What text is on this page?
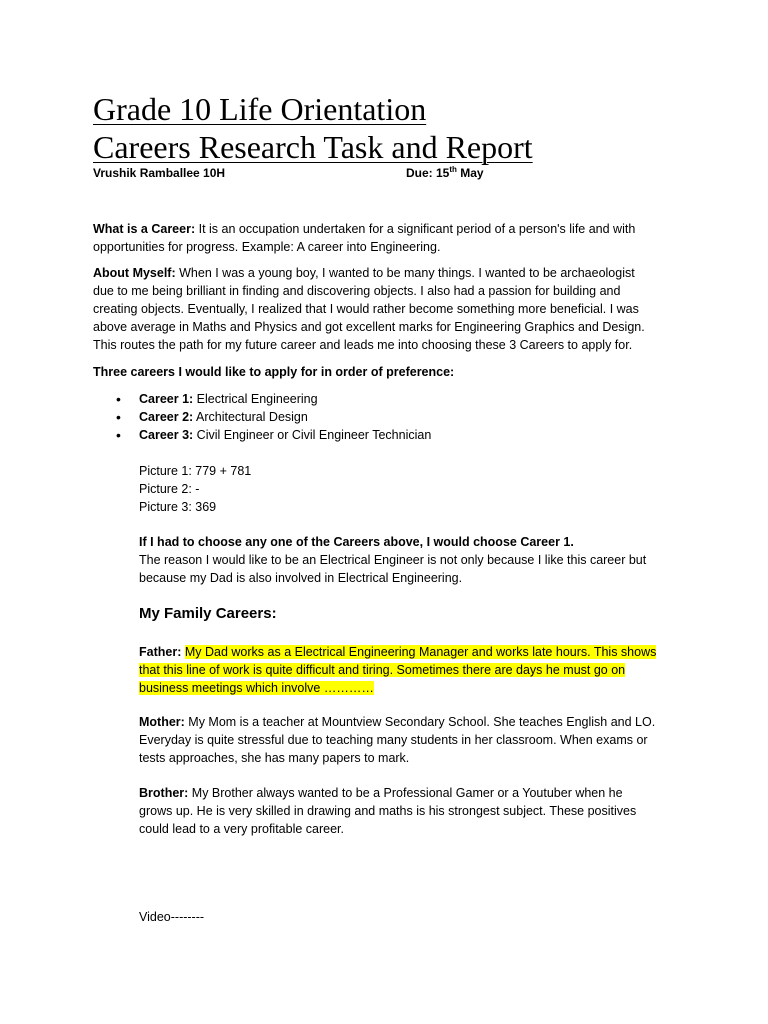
Grade 10 Life Orientation
Careers Research Task and Report
Vrushik Ramballee 10H	Due: 15th May
What is a Career: It is an occupation undertaken for a significant period of a person's life and with
opportunities for progress. Example: A career into Engineering.
About Myself: When I was a young boy, I wanted to be many things. I wanted to be archaeologist
due to me being brilliant in finding and discovering objects. I also had a passion for building and
creating objects. Eventually, I realized that I would rather become something more beneficial. I was
above average in Maths and Physics and got excellent marks for Engineering Graphics and Design.
This routes the path for my future career and leads me into choosing these 3 Careers to apply for.
Three careers I would like to apply for in order of preference:
• Career 1: Electrical Engineering
• Career 2: Architectural Design
• Career 3: Civil Engineer or Civil Engineer Technician
Picture 1: 779 + 781
Picture 2: -
Picture 3: 369
If I had to choose any one of the Careers above, I would choose Career 1.
The reason I would like to be an Electrical Engineer is not only because I like this career but
because my Dad is also involved in Electrical Engineering.
My Family Careers:
Father: My Dad works as a Electrical Engineering Manager and works late hours. This shows
that this line of work is quite difficult and tiring. Sometimes there are days he must go on
business meetings which involve …………
Mother: My Mom is a teacher at Mountview Secondary School. She teaches English and LO.
Everyday is quite stressful due to teaching many students in her classroom. When exams or
tests approaches, she has many papers to mark.
Brother: My Brother always wanted to be a Professional Gamer or a Youtuber when he
grows up. He is very skilled in drawing and maths is his strongest subject. These positives
could lead to a very profitable career.
Video--------
